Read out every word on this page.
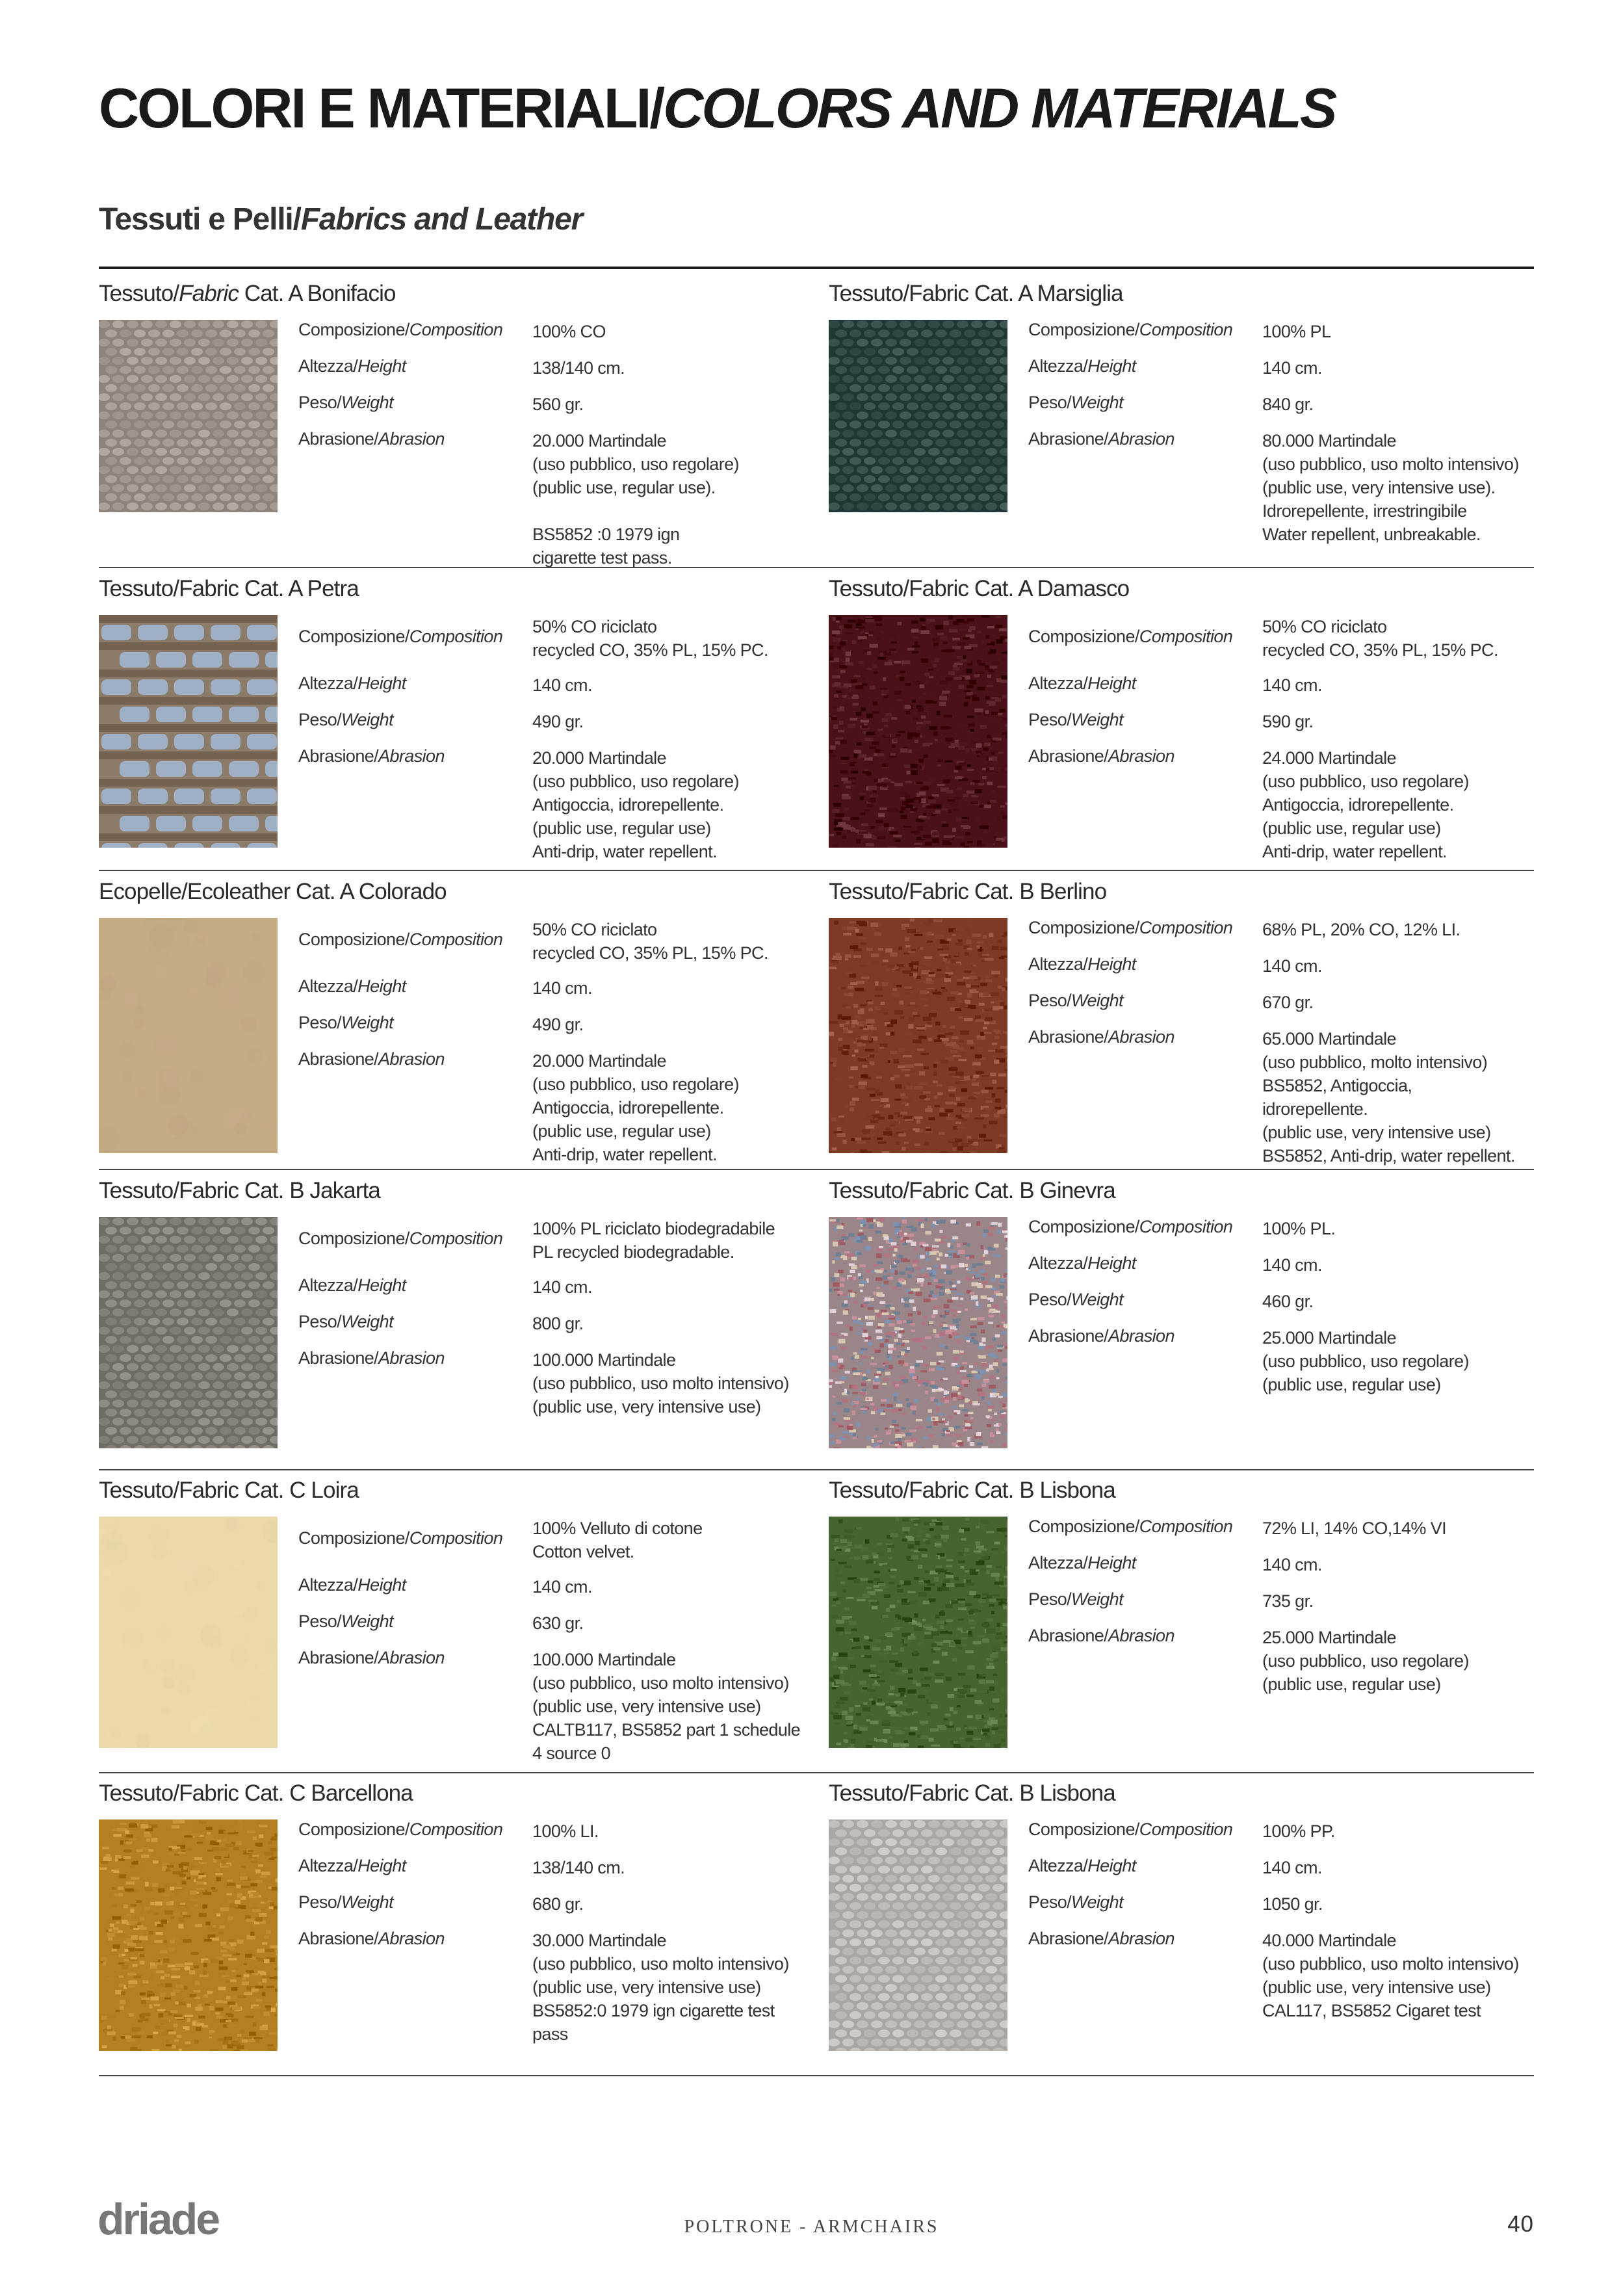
COLORI E MATERIALI/COLORS AND MATERIALS
Tessuti e Pelli/Fabrics and Leather
Tessuto/Fabric Cat. A Bonifacio
Composizione/Composition 100% CO
Altezza/Height	138/140 cm.
Peso/Weight	560 gr.
Abrasione/Abrasion	20.000 Martindale
(uso pubblico, uso regolare)
(public use, regular use).

BS5852 :0 1979 ign
cigarette test pass.
Tessuto/Fabric Cat. A Marsiglia
Composizione/Composition 100% PL
Altezza/Height	140 cm.
Peso/Weight	840 gr.
Abrasione/Abrasion	80.000 Martindale
(uso pubblico, uso molto intensivo)
(public use, very intensive use).
Idrorepellente, irrestringibile
Water repellent, unbreakable.
Tessuto/Fabric Cat. A Petra
Composizione/Composition 50% CO riciclato
recycled CO, 35% PL, 15% PC.
Altezza/Height	140 cm.
Peso/Weight	490 gr.
Abrasione/Abrasion	20.000 Martindale
(uso pubblico, uso regolare)
Antigoccia, idrorepellente.
(public use, regular use)
Anti-drip, water repellent.
Tessuto/Fabric Cat. A Damasco
Composizione/Composition 50% CO riciclato
recycled CO, 35% PL, 15% PC.
Altezza/Height	140 cm.
Peso/Weight	590 gr.
Abrasione/Abrasion	24.000 Martindale
(uso pubblico, uso regolare)
Antigoccia, idrorepellente.
(public use, regular use)
Anti-drip, water repellent.
Ecopelle/Ecoleather Cat. A Colorado
Composizione/Composition 50% CO riciclato
recycled CO, 35% PL, 15% PC.
Altezza/Height	140 cm.
Peso/Weight	490 gr.
Abrasione/Abrasion	20.000 Martindale
(uso pubblico, uso regolare)
Antigoccia, idrorepellente.
(public use, regular use)
Anti-drip, water repellent.
Tessuto/Fabric Cat. B Berlino
Composizione/Composition 68% PL, 20% CO, 12% LI.
Altezza/Height	140 cm.
Peso/Weight	670 gr.
Abrasione/Abrasion	65.000 Martindale
(uso pubblico, molto intensivo)
BS5852, Antigoccia,
idrorepellente.
(public use, very intensive use)
BS5852, Anti-drip, water repellent.
Tessuto/Fabric Cat. B Jakarta
Composizione/Composition 100% PL riciclato biodegradabile
PL recycled biodegradable.
Altezza/Height	140 cm.
Peso/Weight	800 gr.
Abrasione/Abrasion	100.000 Martindale
(uso pubblico, uso molto intensivo)
(public use, very intensive use)
Tessuto/Fabric Cat. B Ginevra
Composizione/Composition 100% PL.
Altezza/Height	140 cm.
Peso/Weight	460 gr.
Abrasione/Abrasion	25.000 Martindale
(uso pubblico, uso regolare)
(public use, regular use)
Tessuto/Fabric Cat. C Loira
Composizione/Composition 100% Velluto di cotone
Cotton velvet.
Altezza/Height	140 cm.
Peso/Weight	630 gr.
Abrasione/Abrasion	100.000 Martindale
(uso pubblico, uso molto intensivo)
(public use, very intensive use)
CALTB117, BS5852 part 1 schedule
4 source 0
Tessuto/Fabric Cat. B Lisbona
Composizione/Composition 72% LI, 14% CO,14% VI
Altezza/Height	140 cm.
Peso/Weight	735 gr.
Abrasione/Abrasion	25.000 Martindale
(uso pubblico, uso regolare)
(public use, regular use)
Tessuto/Fabric Cat. C Barcellona
Composizione/Composition 100% LI.
Altezza/Height	138/140 cm.
Peso/Weight	680 gr.
Abrasione/Abrasion	30.000 Martindale
(uso pubblico, uso molto intensivo)
(public use, very intensive use)
BS5852:0 1979 ign cigarette test
pass
Tessuto/Fabric Cat. B Lisbona
Composizione/Composition 100% PP.
Altezza/Height	140 cm.
Peso/Weight	1050 gr.
Abrasione/Abrasion	40.000 Martindale
(uso pubblico, uso molto intensivo)
(public use, very intensive use)
CAL117, BS5852 Cigaret test
driade	POLTRONE - ARMCHAIRS	40
